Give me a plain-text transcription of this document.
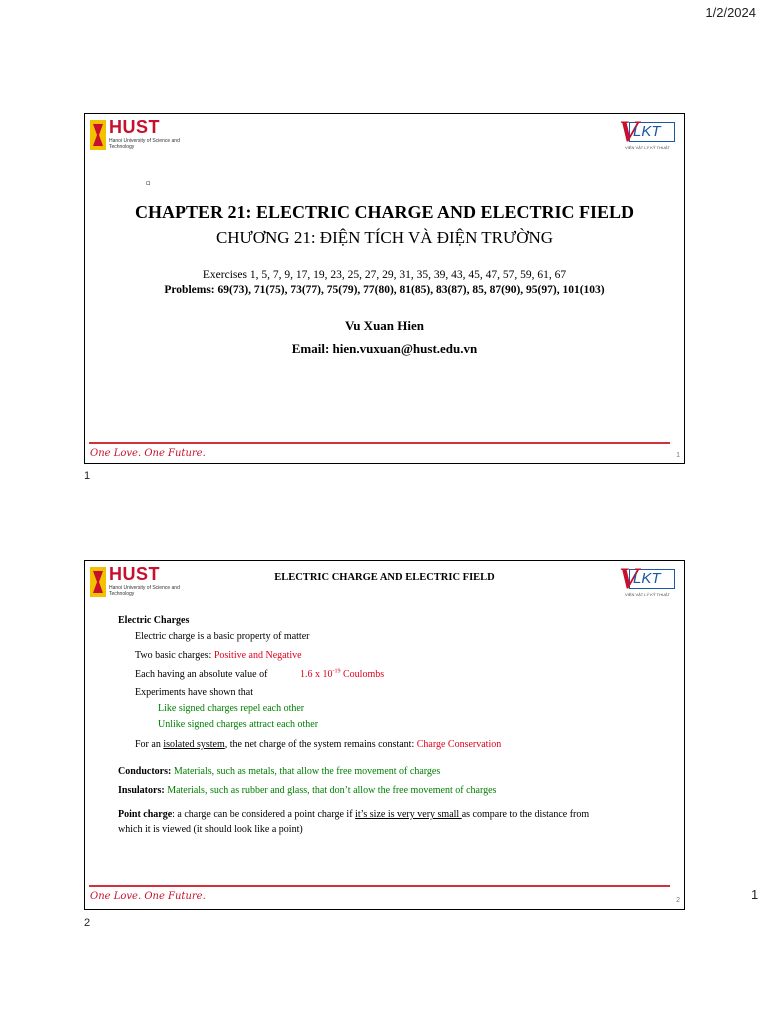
1/2/2024
HUST
Hanoi University of Science and Technology	V
LKT
VIỆN VẬT LÝ KỸ THUẬT
▫
CHAPTER 21: ELECTRIC CHARGE AND ELECTRIC FIELD
CHƯƠNG 21: ĐIỆN TÍCH VÀ ĐIỆN TRƯỜNG
Exercises 1, 5, 7, 9, 17, 19, 23, 25, 27, 29, 31, 35, 39, 43, 45, 47, 57, 59, 61, 67
Problems: 69(73), 71(75), 73(77), 75(79), 77(80), 81(85), 83(87), 85, 87(90), 95(97), 101(103)
Vu Xuan Hien
Email: hien.vuxuan@hust.edu.vn
One Love. One Future.	1
1
HUST
Hanoi University of Science and Technology	V
LKT
VIỆN VẬT LÝ KỸ THUẬT
ELECTRIC CHARGE AND ELECTRIC FIELD
Electric Charges
Electric charge is a basic property of matter
Two basic charges: Positive and Negative
Each having an absolute value of	1.6 x $10^{-19}$ Coulombs
Experiments have shown that
Like signed charges repel each other
Unlike signed charges attract each other
For an isolated system, the net charge of the system remains constant: Charge Conservation
Conductors: Materials, such as metals, that allow the free movement of charges
Insulators: Materials, such as rubber and glass, that don’t allow the free movement of charges
Point charge: a charge can be considered a point charge if it’s size is very very small as compare to the distance from
which it is viewed (it should look like a point)
One Love. One Future.	2
2
1
